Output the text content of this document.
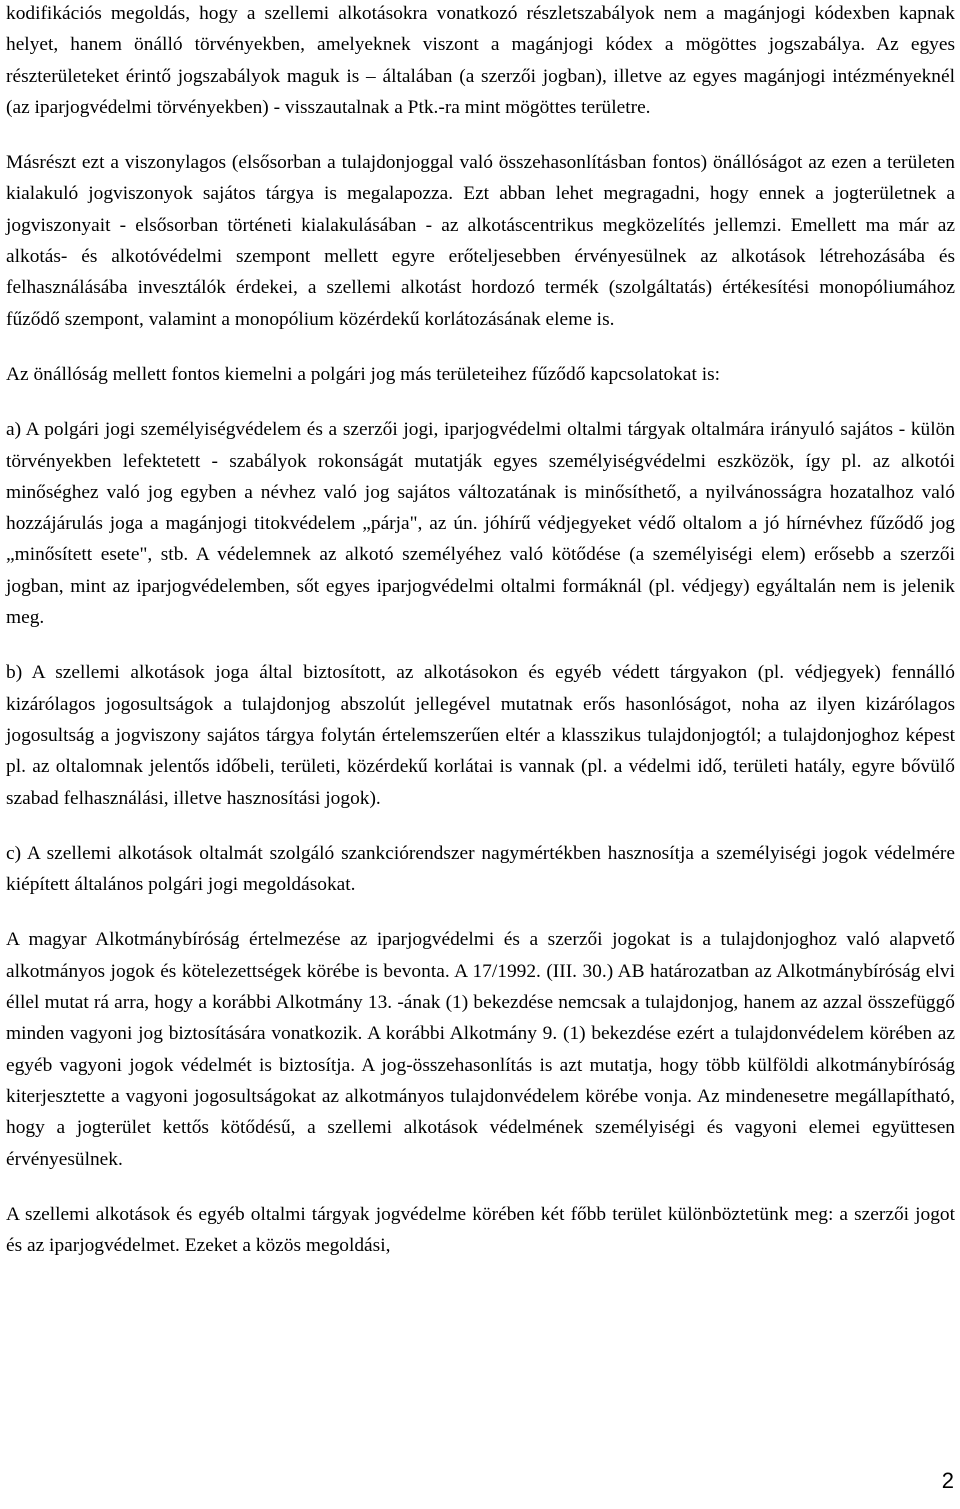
kodifikációs megoldás, hogy a szellemi alkotásokra vonatkozó részletszabályok nem a magánjogi kódexben kapnak helyet, hanem önálló törvényekben, amelyeknek viszont a magánjogi kódex a mögöttes jogszabálya. Az egyes részterületeket érintő jogszabályok maguk is – általában (a szerzői jogban), illetve az egyes magánjogi intézményeknél (az iparjogvédelmi törvényekben) - visszautalnak a Ptk.-ra mint mögöttes területre.

Másrészt ezt a viszonylagos (elsősorban a tulajdonjoggal való összehasonlításban fontos) önállóságot az ezen a területen kialakuló jogviszonyok sajátos tárgya is megalapozza. Ezt abban lehet megragadni, hogy ennek a jogterületnek a jogviszonyait - elsősorban történeti kialakulásában - az alkotáscentrikus megközelítés jellemzi. Emellett ma már az alkotás- és alkotóvédelmi szempont mellett egyre erőteljesebben érvényesülnek az alkotások létrehozásába és felhasználásába invesztálók érdekei, a szellemi alkotást hordozó termék (szolgáltatás) értékesítési monopóliumához fűződő szempont, valamint a monopólium közérdekű korlátozásának eleme is.

Az önállóság mellett fontos kiemelni a polgári jog más területeihez fűződő kapcsolatokat is:

a) A polgári jogi személyiségvédelem és a szerzői jogi, iparjogvédelmi oltalmi tárgyak oltalmára irányuló sajátos - külön törvényekben lefektetett - szabályok rokonságát mutatják egyes személyiségvédelmi eszközök, így pl. az alkotói minőséghez való jog egyben a névhez való jog sajátos változatának is minősíthető, a nyilvánosságra hozatalhoz való hozzájárulás joga a magánjogi titokvédelem „párja", az ún. jóhírű védjegyeket védő oltalom a jó hírnévhez fűződő jog „minősített esete", stb. A védelemnek az alkotó személyéhez való kötődése (a személyiségi elem) erősebb a szerzői jogban, mint az iparjogvédelemben, sőt egyes iparjogvédelmi oltalmi formáknál (pl. védjegy) egyáltalán nem is jelenik meg.

b) A szellemi alkotások joga által biztosított, az alkotásokon és egyéb védett tárgyakon (pl. védjegyek) fennálló kizárólagos jogosultságok a tulajdonjog abszolút jellegével mutatnak erős hasonlóságot, noha az ilyen kizárólagos jogosultság a jogviszony sajátos tárgya folytán értelemszerűen eltér a klasszikus tulajdonjogtól; a tulajdonjoghoz képest pl. az oltalomnak jelentős időbeli, területi, közérdekű korlátai is vannak (pl. a védelmi idő, területi hatály, egyre bővülő szabad felhasználási, illetve hasznosítási jogok).

c) A szellemi alkotások oltalmát szolgáló szankciórendszer nagymértékben hasznosítja a személyiségi jogok védelmére kiépített általános polgári jogi megoldásokat.

A magyar Alkotmánybíróság értelmezése az iparjogvédelmi és a szerzői jogokat is a tulajdonjoghoz való alapvető alkotmányos jogok és kötelezettségek körébe is bevonta. A 17/1992. (III. 30.) AB határozatban az Alkotmánybíróság elvi éllel mutat rá arra, hogy a korábbi Alkotmány 13. -ának (1) bekezdése nemcsak a tulajdonjog, hanem az azzal összefüggő minden vagyoni jog biztosítására vonatkozik. A korábbi Alkotmány 9. (1) bekezdése ezért a tulajdonvédelem körében az egyéb vagyoni jogok védelmét is biztosítja. A jog-összehasonlítás is azt mutatja, hogy több külföldi alkotmánybíróság kiterjesztette a vagyoni jogosultságokat az alkotmányos tulajdonvédelem körébe vonja. Az mindenesetre megállapítható, hogy a jogterület kettős kötődésű, a szellemi alkotások védelmének személyiségi és vagyoni elemei együttesen érvényesülnek.

A szellemi alkotások és egyéb oltalmi tárgyak jogvédelme körében két főbb terület különböztetünk meg: a szerzői jogot és az iparjogvédelmet. Ezeket a közös megoldási,

2
